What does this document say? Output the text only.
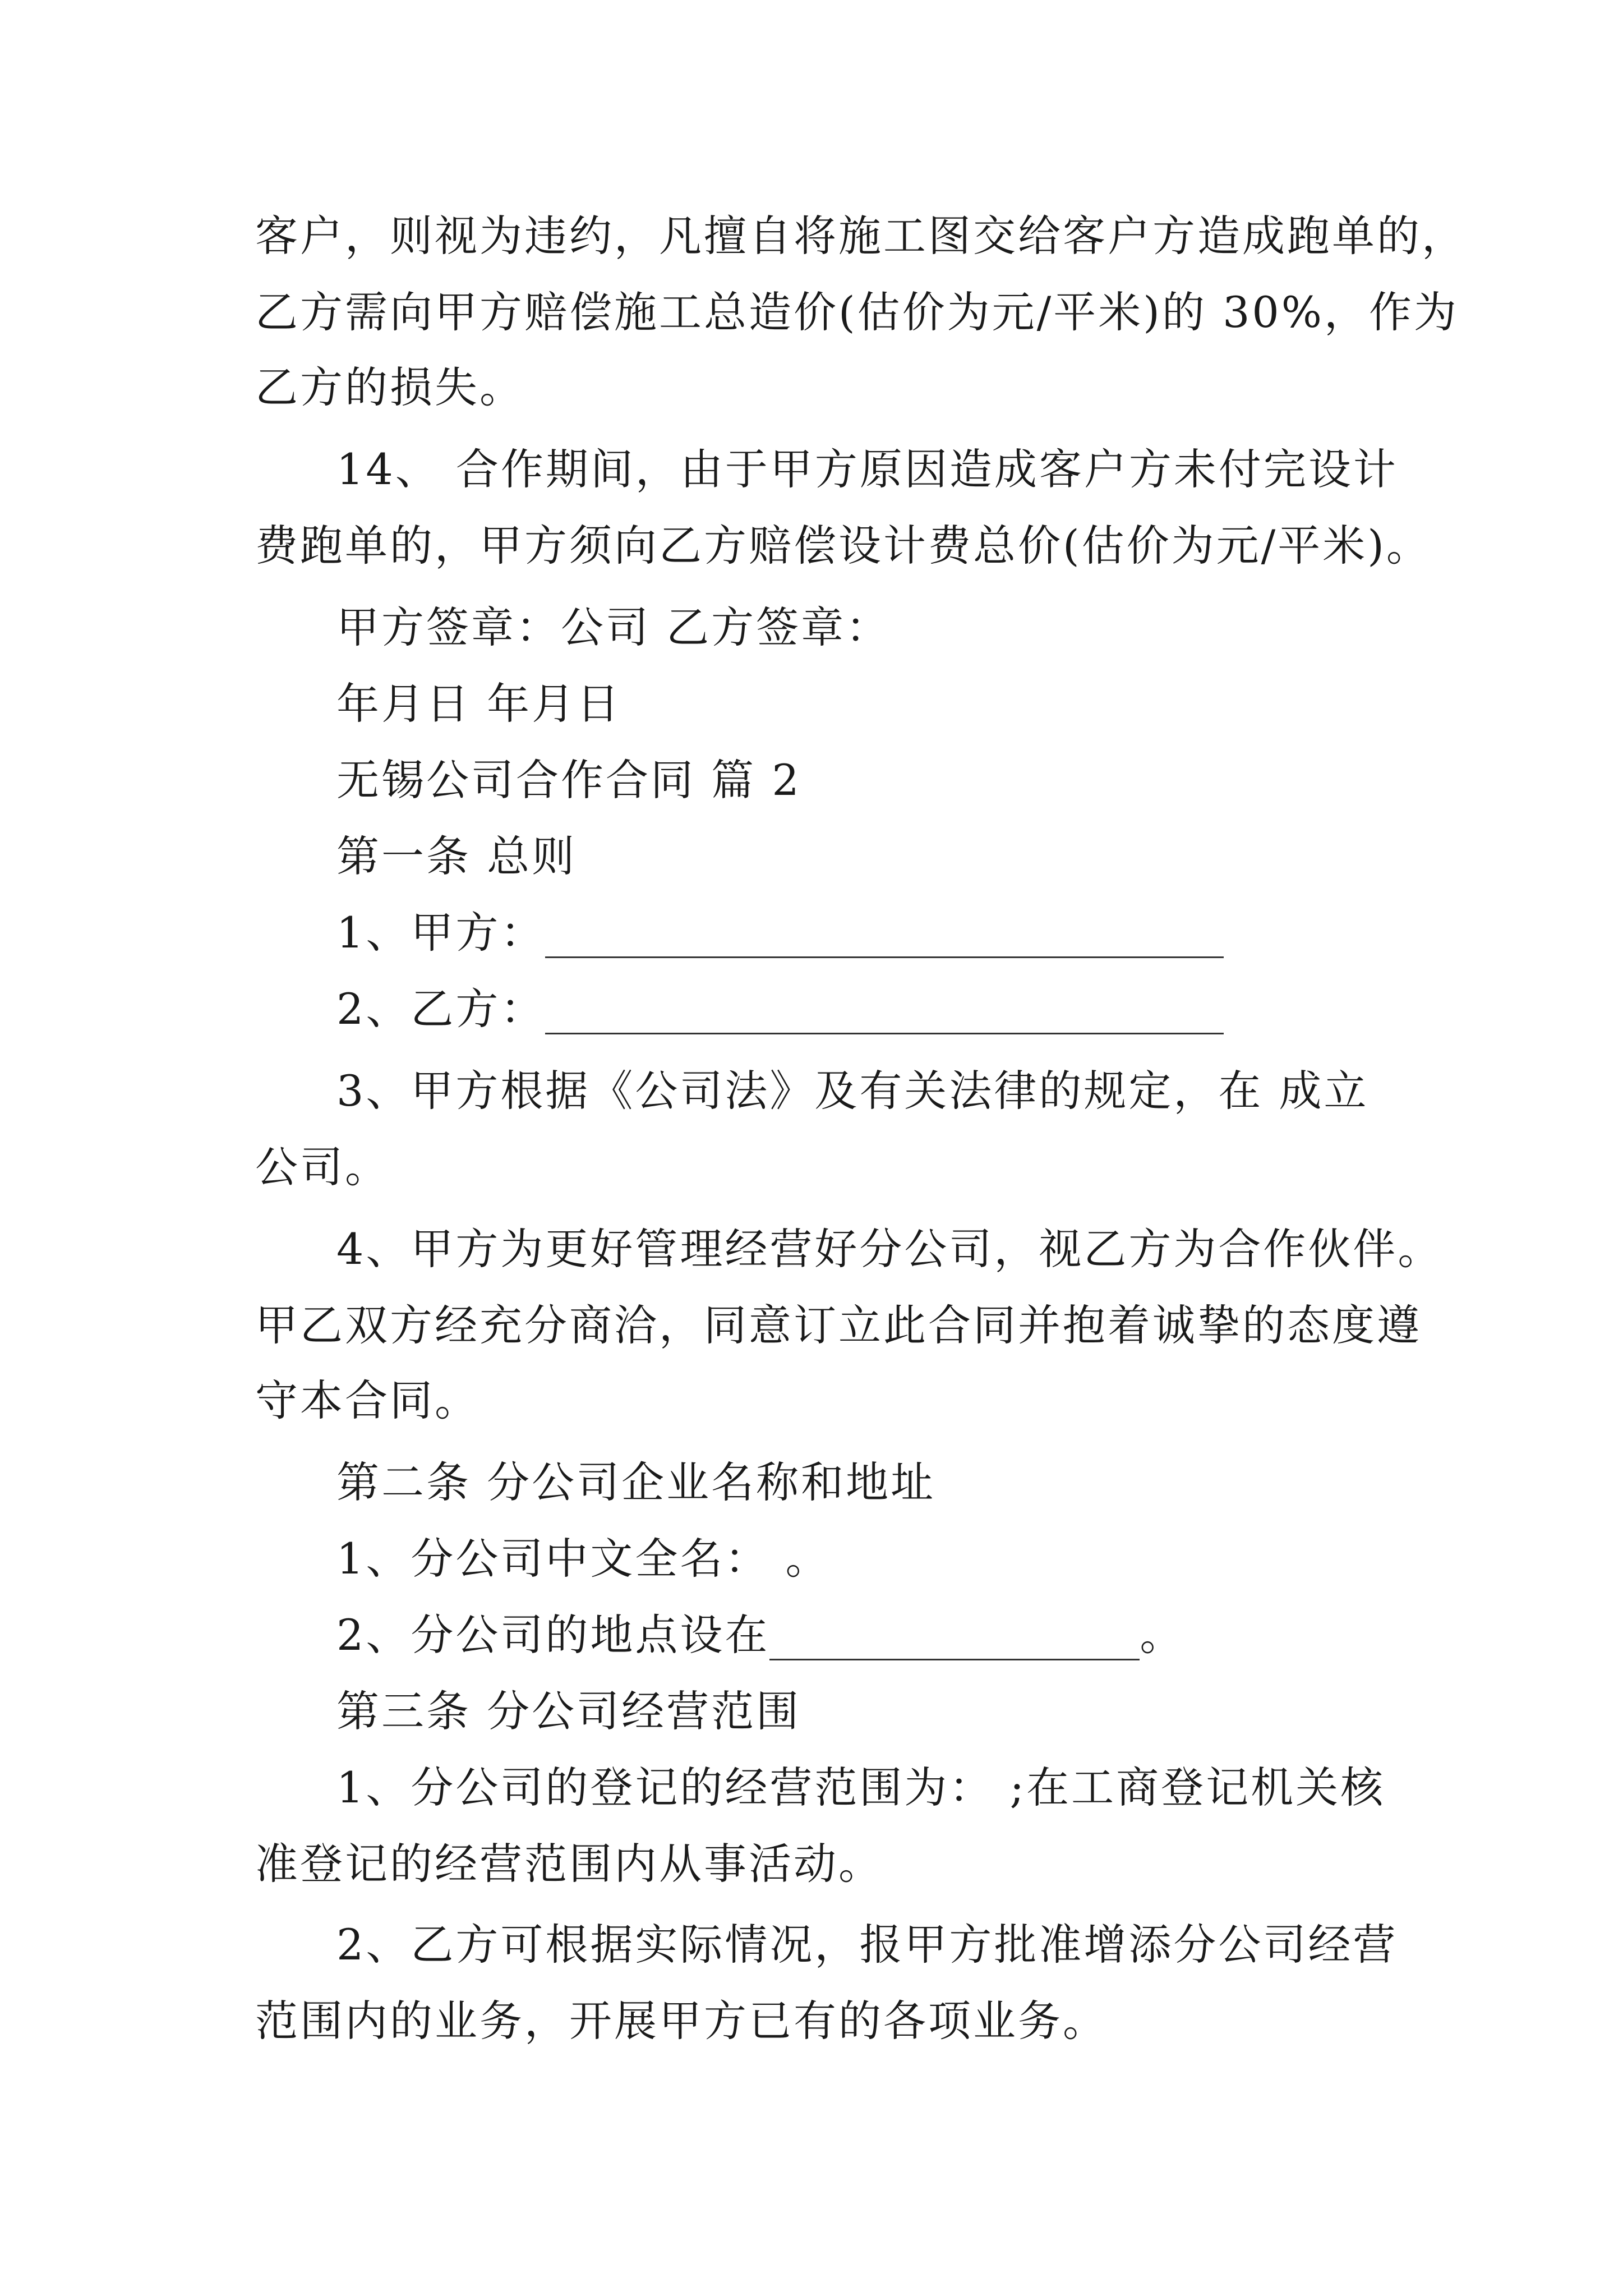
客户，则视为违约，凡擅自将施工图交给客户方造成跑单的，
乙方需向甲方赔偿施工总造价(估价为元/平米)的 30%，作为
乙方的损失。
14、 合作期间，由于甲方原因造成客户方未付完设计
费跑单的，甲方须向乙方赔偿设计费总价(估价为元/平米)。
甲方签章：公司 乙方签章：
年月日 年月日
无锡公司合作合同 篇 2
第一条 总则
1、甲方：
2、乙方：
3、甲方根据《公司法》及有关法律的规定，在 成立
公司。
4、甲方为更好管理经营好分公司，视乙方为合作伙伴。
甲乙双方经充分商洽，同意订立此合同并抱着诚挚的态度遵
守本合同。
第二条 分公司企业名称和地址
1、分公司中文全名： 。
2、分公司的地点设在	。
第三条 分公司经营范围
1、分公司的登记的经营范围为： ;在工商登记机关核
准登记的经营范围内从事活动。
2、乙方可根据实际情况，报甲方批准增添分公司经营
范围内的业务，开展甲方已有的各项业务。
